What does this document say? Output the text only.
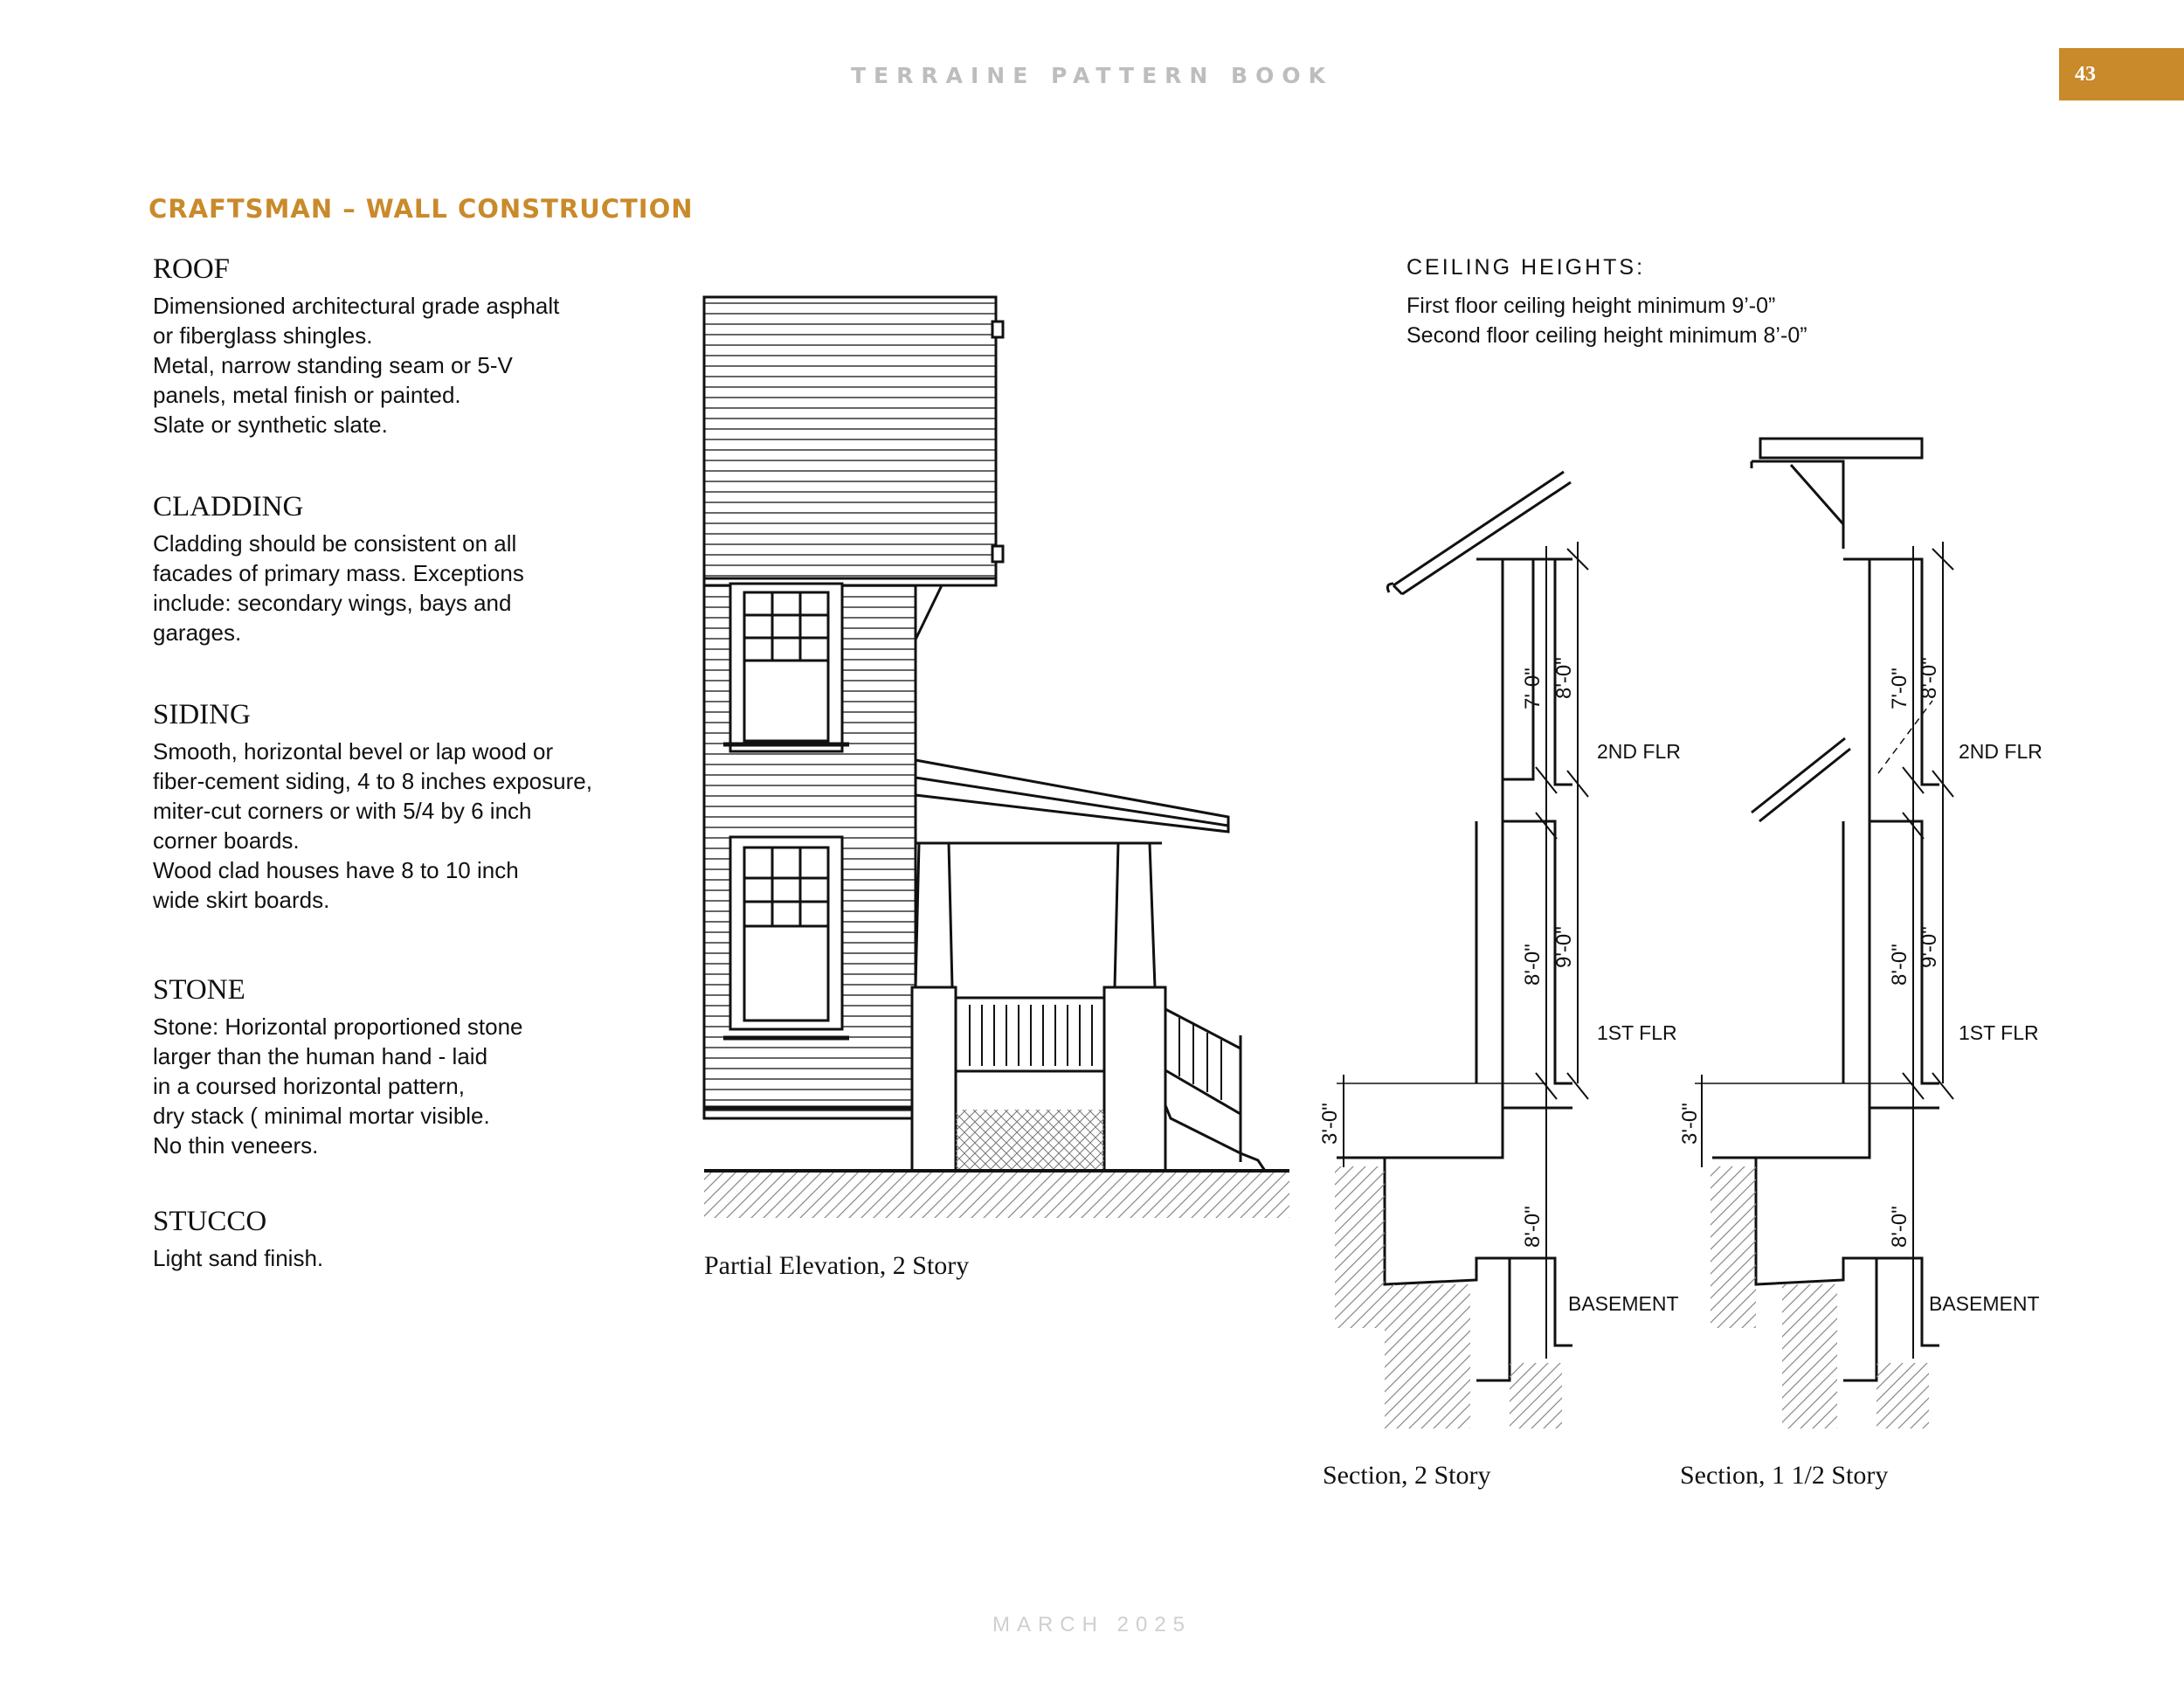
TERRAINE PATTERN BOOK	43
CRAFTSMAN – WALL CONSTRUCTION
ROOF
Dimensioned architectural grade asphalt
or fiberglass shingles.
Metal, narrow standing seam or 5-V
panels, metal finish or painted.
Slate or synthetic slate.
CLADDING
Cladding should be consistent on all
facades of primary mass. Exceptions
include: secondary wings, bays and
garages.
SIDING
Smooth, horizontal bevel or lap wood or
fiber-cement siding, 4 to 8 inches exposure,
miter-cut corners or with 5/4 by 6 inch
corner boards.
Wood clad houses have 8 to 10 inch
wide skirt boards.
STONE
Stone: Horizontal proportioned stone
larger than the human hand - laid
in a coursed horizontal pattern,
dry stack ( minimal mortar visible.
No thin veneers.
STUCCO
Light sand finish.
CEILING HEIGHTS:
First floor ceiling height minimum 9’-0”
Second floor ceiling height minimum 8’-0”
7'-0" 8'-0"
8'-0" 9'-0"
3'-0"
8'-0"
2ND FLR
1ST FLR
BASEMENT
7'-0" 8'-0"
8'-0" 9'-0"
3'-0"
8'-0"
2ND FLR
1ST FLR
BASEMENT
Partial Elevation, 2 Story
Section, 2 Story	Section, 1 1/2 Story
MARCH 2025
